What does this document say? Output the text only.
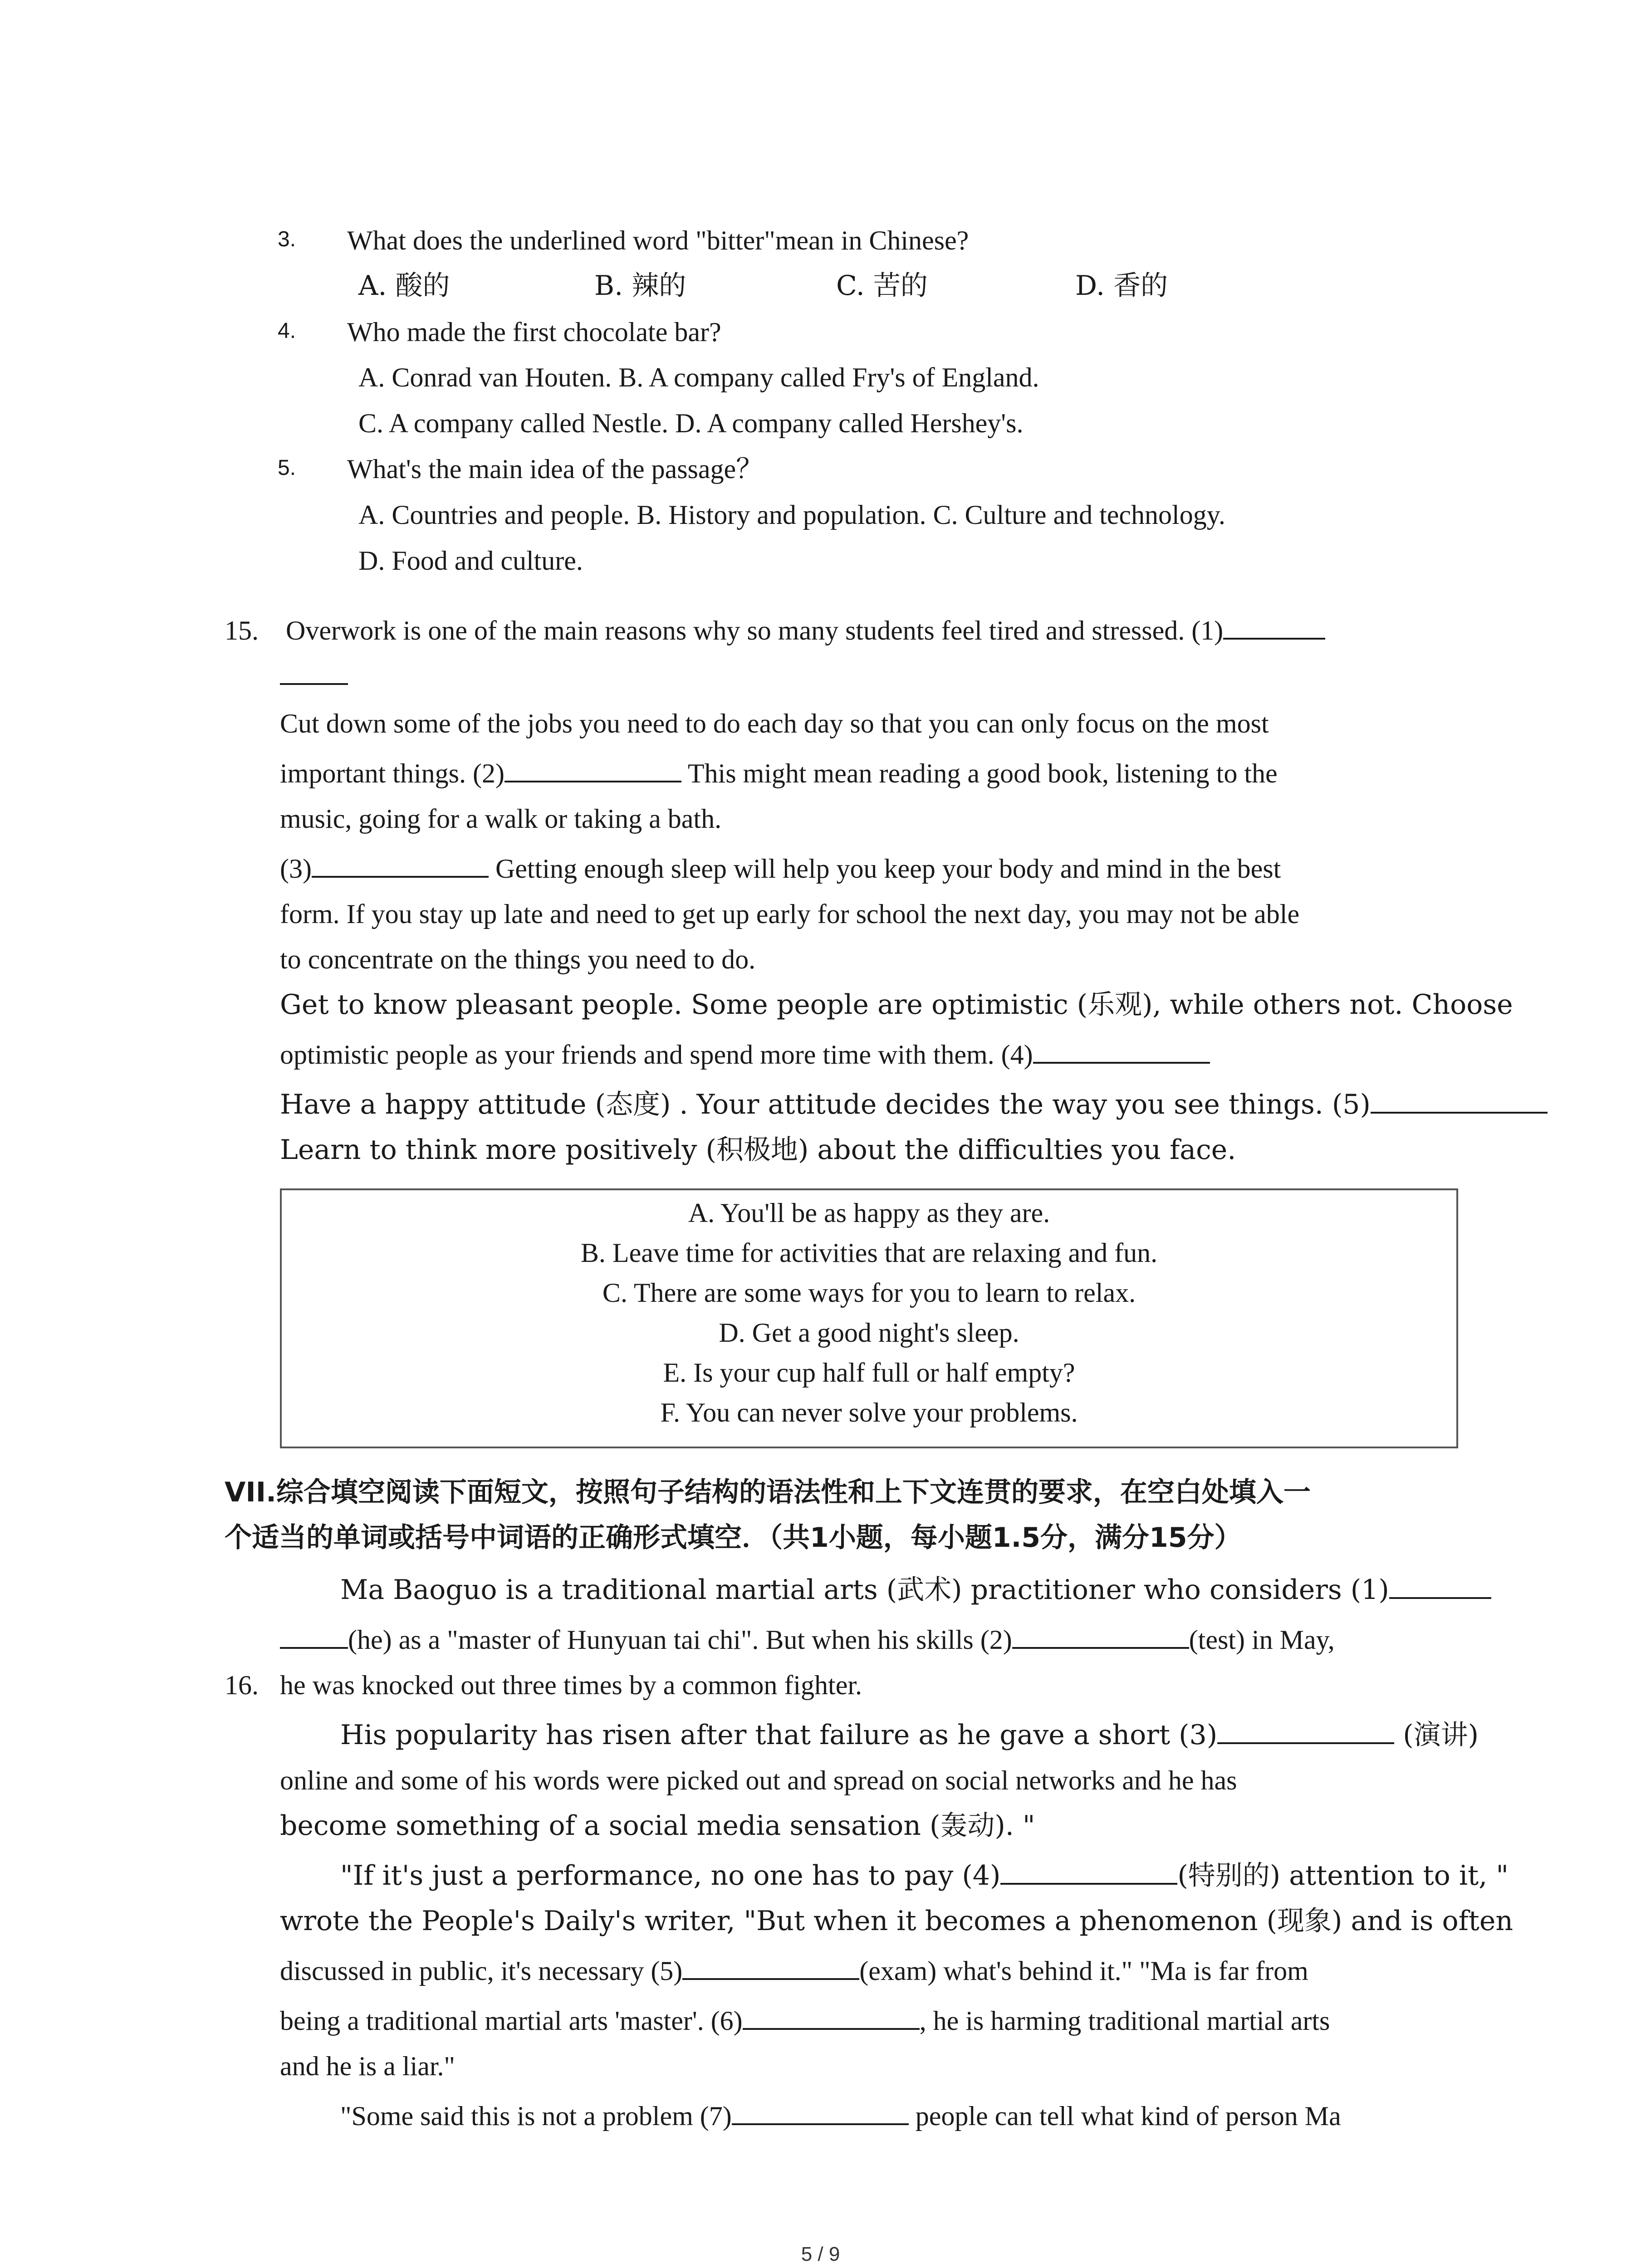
3. What does the underlined word "bitter"mean in Chinese?
A. 酸的	B. 辣的	C. 苦的	D. 香的
4. Who made the first chocolate bar?
A. Conrad van Houten. B. A company called Fry's of England.
C. A company called Nestle. D. A company called Hershey's.
5. What's the main idea of the passage？
A. Countries and people. B. History and population. C. Culture and technology.
D. Food and culture.
15. Overwork is one of the main reasons why so many students feel tired and stressed. (1)
Cut down some of the jobs you need to do each day so that you can only focus on the most
important things. (2)	This might mean reading a good book, listening to the
music, going for a walk or taking a bath.
(3)	Getting enough sleep will help you keep your body and mind in the best
form. If you stay up late and need to get up early for school the next day, you may not be able
to concentrate on the things you need to do.
Get to know pleasant people. Some people are optimistic (乐观), while others not. Choose
optimistic people as your friends and spend more time with them. (4)
Have a happy attitude (态度) . Your attitude decides the way you see things. (5)
Learn to think more positively (积极地) about the difficulties you face.
A. You'll be as happy as they are.
B. Leave time for activities that are relaxing and fun.
C. There are some ways for you to learn to relax.
D. Get a good night's sleep.
E. Is your cup half full or half empty?
F. You can never solve your problems.
VII.综合填空阅读下面短文，按照句子结构的语法性和上下文连贯的要求，在空白处填入一
个适当的单词或括号中词语的正确形式填空．（共1小题，每小题1.5分，满分15分）
Ma Baoguo is a traditional martial arts (武术) practitioner who considers (1)
(he) as a "master of Hunyuan tai chi". But when his skills (2)	(test) in May,
16. he was knocked out three times by a common fighter.
His popularity has risen after that failure as he gave a short (3)	(演讲)
online and some of his words were picked out and spread on social networks and he has
become something of a social media sensation (轰动). "
"If it's just a performance, no one has to pay (4)	(特别的) attention to it, "
wrote the People's Daily's writer, "But when it becomes a phenomenon (现象) and is often
discussed in public, it's necessary (5)	(exam) what's behind it." "Ma is far from
being a traditional martial arts 'master'. (6)	, he is harming traditional martial arts
and he is a liar."
"Some said this is not a problem (7)	people can tell what kind of person Ma
5 / 9
